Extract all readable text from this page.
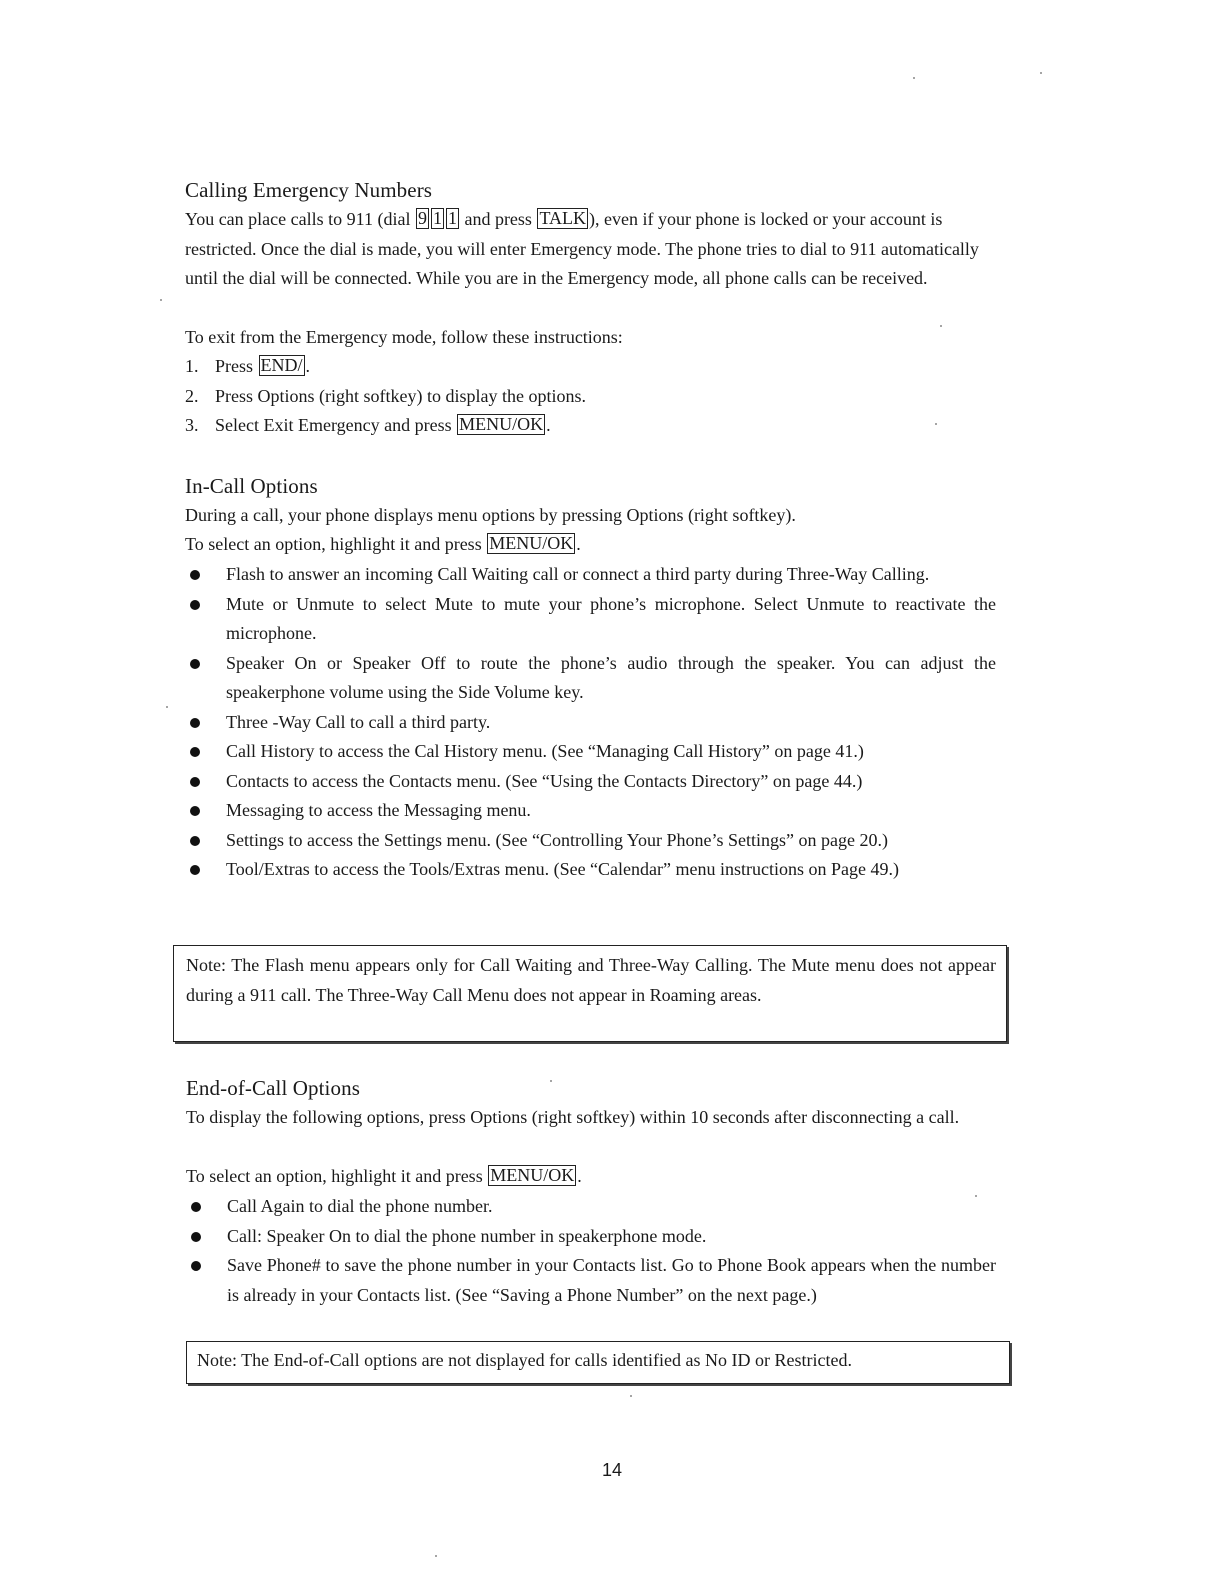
Calling Emergency Numbers

You can place calls to 911 (dial 9 1 1 and press TALK ), even if your phone is locked or your account is restricted. Once the dial is made, you will enter Emergency mode. The phone tries to dial to 911 automatically until the dial will be connected. While you are in the Emergency mode, all phone calls can be received.

To exit from the Emergency mode, follow these instructions:

1. Press END/ .
2. Press Options (right softkey) to display the options.
3. Select Exit Emergency and press MENU/OK .
In-Call Options

During a call, your phone displays menu options by pressing Options (right softkey).

To select an option, highlight it and press MENU/OK .

Flash to answer an incoming Call Waiting call or connect a third party during Three-Way Calling.
Mute or Unmute to select Mute to mute your phone’s microphone. Select Unmute to reactivate the microphone.
Speaker On or Speaker Off to route the phone’s audio through the speaker. You can adjust the speakerphone volume using the Side Volume key.
Three -Way Call to call a third party.
Call History to access the Cal History menu. (See “Managing Call History” on page 41.)
Contacts to access the Contacts menu. (See “Using the Contacts Directory” on page 44.)
Messaging to access the Messaging menu.
Settings to access the Settings menu. (See “Controlling Your Phone’s Settings” on page 20.)
Tool/Extras to access the Tools/Extras menu. (See “Calendar” menu instructions on Page 49.)
Note: The Flash menu appears only for Call Waiting and Three-Way Calling. The Mute menu does not appear during a 911 call. The Three-Way Call Menu does not appear in Roaming areas.
End-of-Call Options

To display the following options, press Options (right softkey) within 10 seconds after disconnecting a call.

To select an option, highlight it and press MENU/OK .

Call Again to dial the phone number.
Call: Speaker On to dial the phone number in speakerphone mode.
Save Phone# to save the phone number in your Contacts list. Go to Phone Book appears when the number is already in your Contacts list. (See “Saving a Phone Number” on the next page.)
Note: The End-of-Call options are not displayed for calls identified as No ID or Restricted.
14
